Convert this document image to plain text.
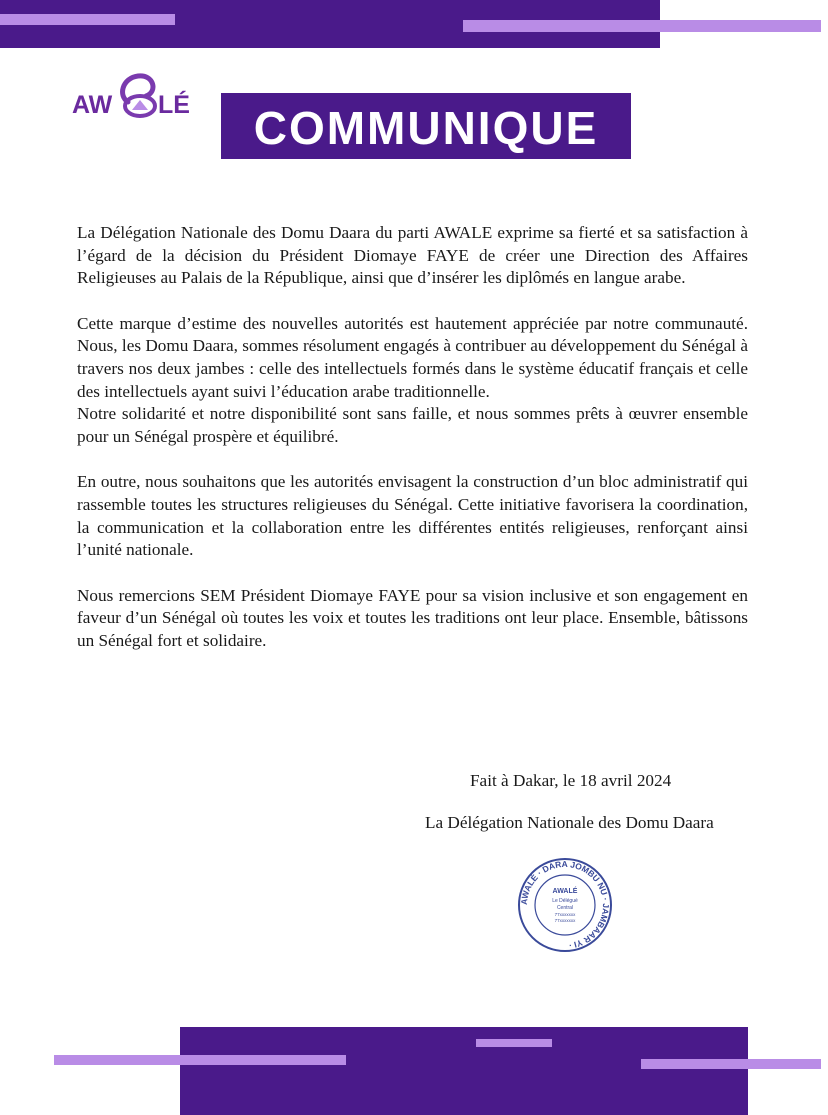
AW LÉ	COMMUNIQUE

La Délégation Nationale des Domu Daara du parti AWALE exprime sa fierté et sa satisfaction à l’égard de la décision du Président Diomaye FAYE de créer une Direction des Affaires Religieuses au Palais de la République, ainsi que d’insérer les diplômés en langue arabe.

Cette marque d’estime des nouvelles autorités est hautement appréciée par notre communauté. Nous, les Domu Daara, sommes résolument engagés à contribuer au développement du Sénégal à travers nos deux jambes : celle des intellectuels formés dans le système éducatif français et celle des intellectuels ayant suivi l’éducation arabe traditionnelle.

Notre solidarité et notre disponibilité sont sans faille, et nous sommes prêts à œuvrer ensemble pour un Sénégal prospère et équilibré.

En outre, nous souhaitons que les autorités envisagent la construction d’un bloc administratif qui rassemble toutes les structures religieuses du Sénégal. Cette initiative favorisera la coordination, la communication et la collaboration entre les différentes entités religieuses, renforçant ainsi l’unité nationale.

Nous remercions SEM Président Diomaye FAYE pour sa vision inclusive et son engagement en faveur d’un Sénégal où toutes les voix et toutes les traditions ont leur place. Ensemble, bâtissons un Sénégal fort et solidaire.

Fait à Dakar, le 18 avril 2024
La Délégation Nationale des Domu Daara
AWALÉ · DARA JOMBU NU · JAMBAAR YI ·
AWALÉ
Le Délégué
Central
77xxxxxxx
77xxxxxxx
